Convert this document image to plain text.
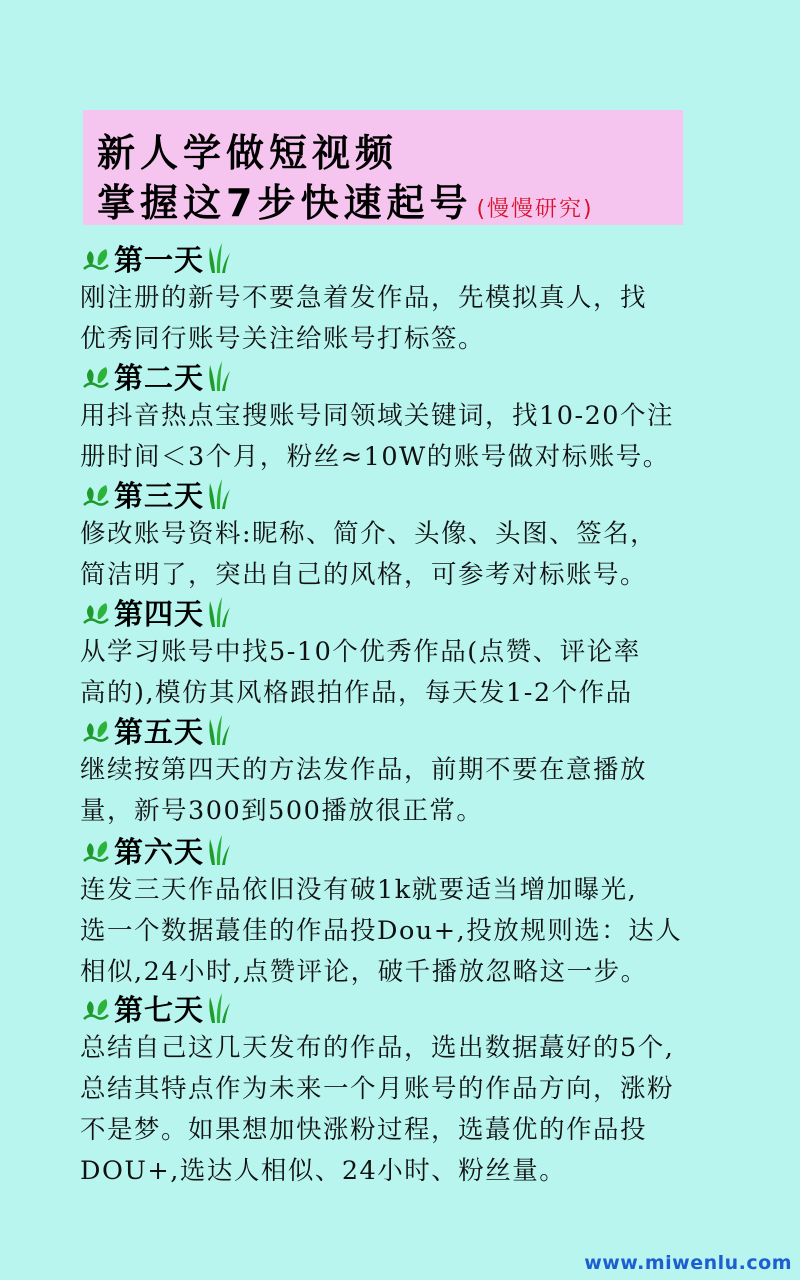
新人学做短视频
掌握这7步快速起号 (慢慢研究)
第一天
刚注册的新号不要急着发作品，先模拟真人，找
优秀同行账号关注给账号打标签。
第二天
用抖音热点宝搜账号同领域关键词，找10-20个注
册时间＜3个月，粉丝≈10W的账号做对标账号。
第三天
修改账号资料:昵称、简介、头像、头图、签名，
简洁明了，突出自己的风格，可参考对标账号。
第四天
从学习账号中找5-10个优秀作品(点赞、评论率
高的),模仿其风格跟拍作品，每天发1-2个作品
第五天
继续按第四天的方法发作品，前期不要在意播放
量，新号300到500播放很正常。
第六天
连发三天作品依旧没有破1k就要适当增加曝光,
选一个数据蕞佳的作品投Dou+,投放规则选：达人
相似,24小时,点赞评论，破千播放忽略这一步。
第七天
总结自己这几天发布的作品，选出数据蕞好的5个,
总结其特点作为未来一个月账号的作品方向，涨粉
不是梦。如果想加快涨粉过程，选蕞优的作品投
DOU+,选达人相似、24小时、粉丝量。
www.miwenlu.com
